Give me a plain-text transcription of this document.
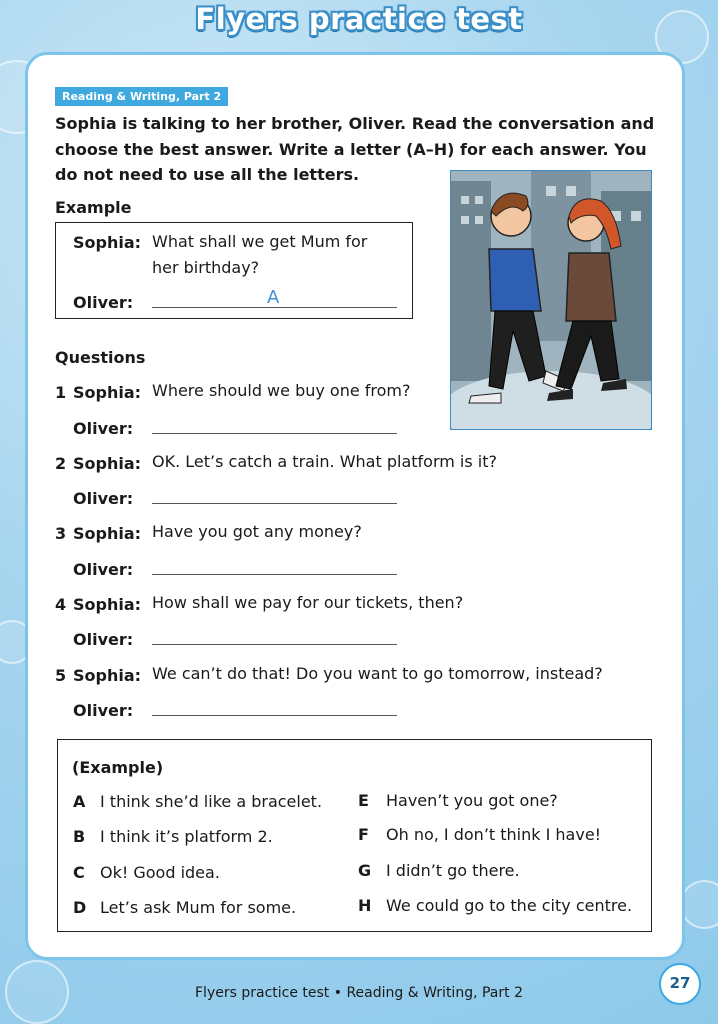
Flyers practice test
Reading & Writing, Part 2
Sophia is talking to her brother, Oliver. Read the conversation and choose the best answer. Write a letter (A–H) for each answer. You do not need to use all the letters.
Example
Sophia: What shall we get Mum for
her birthday?
Oliver:	A
Questions
1 Sophia: Where should we buy one from?
Oliver:
2 Sophia: OK. Let’s catch a train. What platform is it?
Oliver:
3 Sophia: Have you got any money?
Oliver:
4 Sophia: How shall we pay for our tickets, then?
Oliver:
5 Sophia: We can’t do that! Do you want to go tomorrow, instead?
Oliver:
(Example)
A I think she’d like a bracelet.
B I think it’s platform 2.
C Ok! Good idea.
D Let’s ask Mum for some.
E Haven’t you got one?
F Oh no, I don’t think I have!
G I didn’t go there.
H We could go to the city centre.
Flyers practice test • Reading & Writing, Part 2
27
